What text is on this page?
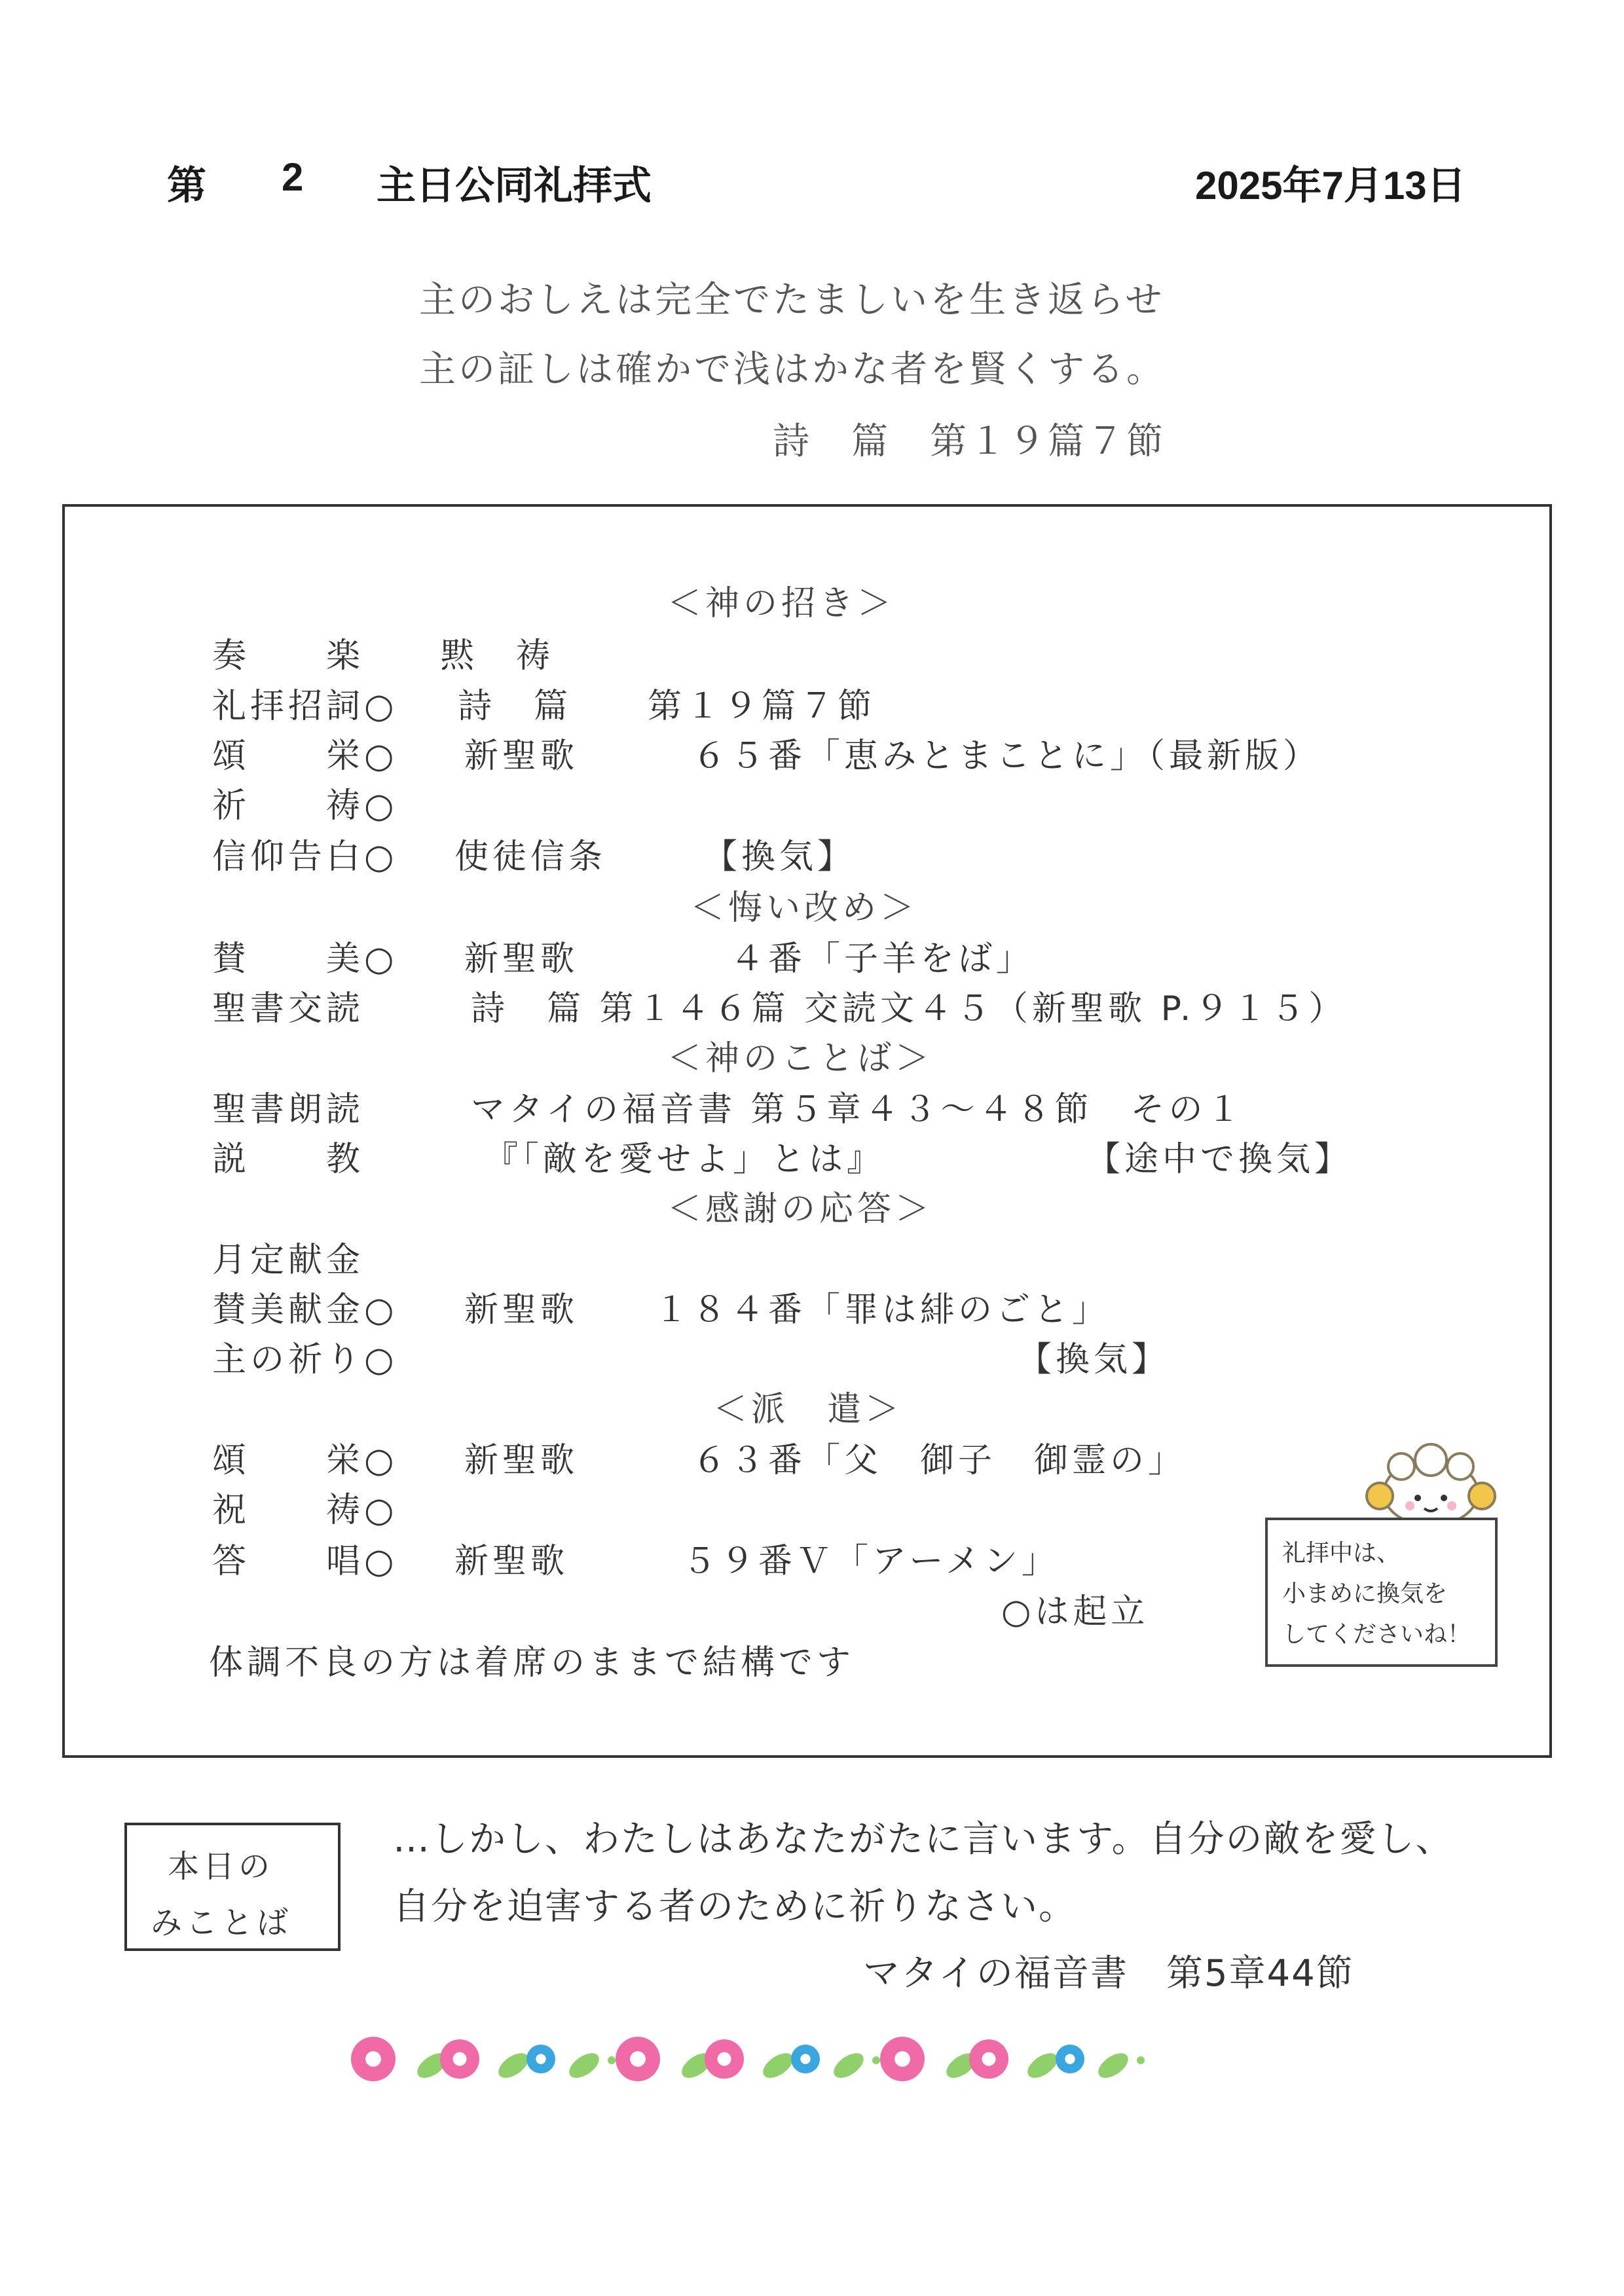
第 2 主日公同礼拝式	2025年7月13日
主のおしえは完全でたましいを生き返らせ
主の証しは確かで浅はかな者を賢くする。
詩　篇　第１９篇７節
＜神の招き＞
奏　　楽　　黙　祷
礼拝招詞○ 詩　篇　　第１９篇７節
頌　　栄○ 新聖歌　　　６５番「恵みとまことに」（最新版）
祈　　祷○
信仰告白○ 使徒信条　　　【換気】
＜悔い改め＞
賛　　美○ 新聖歌　　　　４番「子羊をば」
聖書交読	詩　篇 第１４６篇 交読文４５（新聖歌 P.９１５）
＜神のことば＞
聖書朗読	マタイの福音書 第５章４３～４８節　その１
説　　教	『「敵を愛せよ」とは』	【途中で換気】
＜感謝の応答＞
月定献金
賛美献金○ 新聖歌　　１８４番「罪は緋のごと」
主の祈り○	【換気】
＜派　遣＞
頌　　栄○ 新聖歌　　　６３番「父　御子　御霊の」
祝　　祷○
答　　唱○ 新聖歌　　　５９番Ｖ「アーメン」
○は起立
体調不良の方は着席のままで結構です
礼拝中は、
小まめに換気を
してくださいね！
本日の
みことば
…しかし、わたしはあなたがたに言います。自分の敵を愛し、
自分を迫害する者のために祈りなさい。
マタイの福音書　第5章44節
